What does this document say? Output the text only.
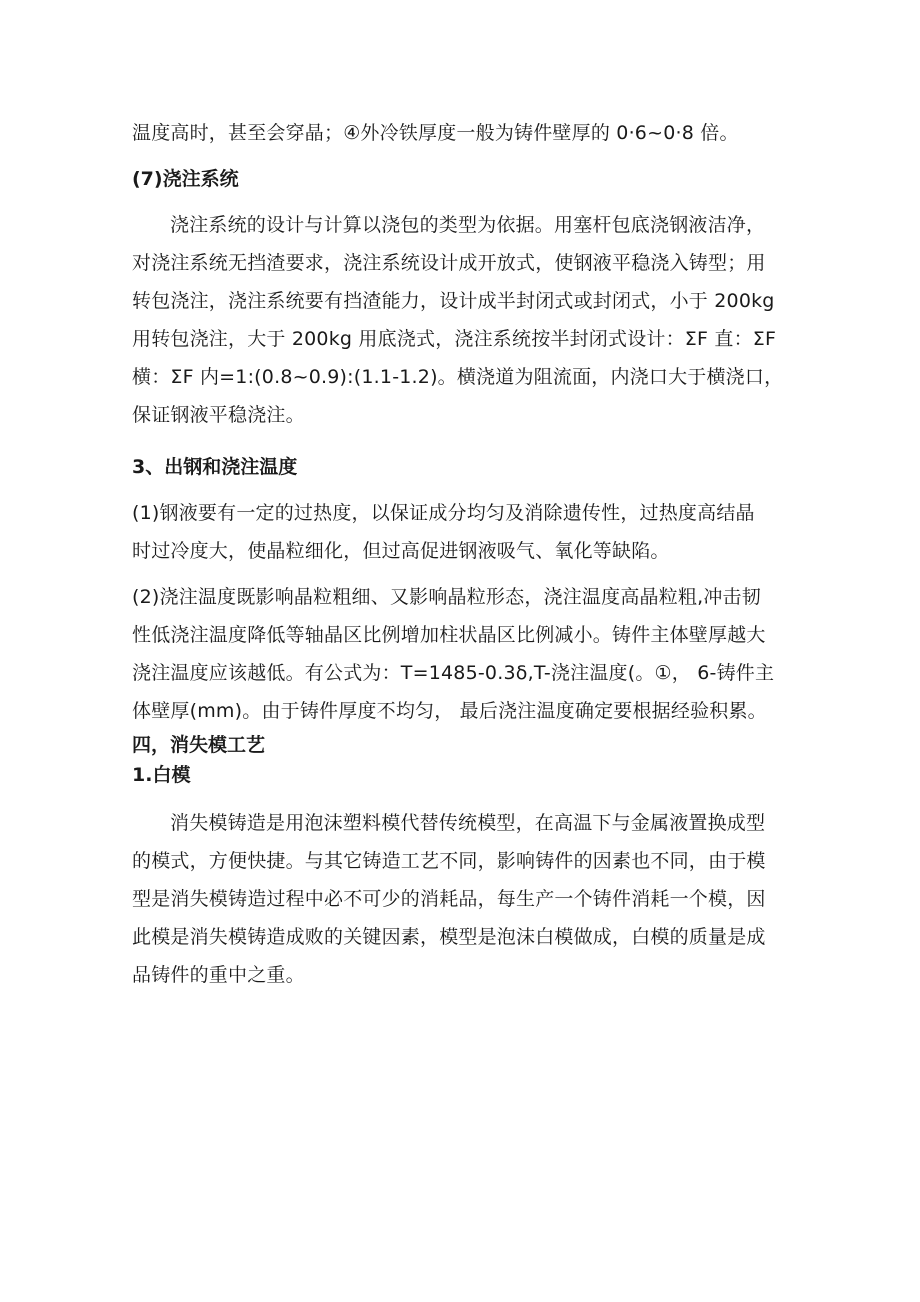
温度高时，甚至会穿晶；④外冷铁厚度一般为铸件壁厚的 0·6~0·8 倍。
(7)浇注系统
浇注系统的设计与计算以浇包的类型为依据。用塞杆包底浇钢液洁净，
对浇注系统无挡渣要求，浇注系统设计成开放式，使钢液平稳浇入铸型；用
转包浇注，浇注系统要有挡渣能力，设计成半封闭式或封闭式，小于 200kg
用转包浇注，大于 200kg 用底浇式，浇注系统按半封闭式设计：ΣF 直：ΣF
横：ΣF 内=1:(0.8~0.9):(1.1-1.2)。横浇道为阻流面，内浇口大于横浇口，
保证钢液平稳浇注。
3、出钢和浇注温度
(1)钢液要有一定的过热度，以保证成分均匀及消除遗传性，过热度高结晶
时过冷度大，使晶粒细化，但过高促进钢液吸气、氧化等缺陷。
(2)浇注温度既影响晶粒粗细、又影响晶粒形态，浇注温度高晶粒粗,冲击韧
性低浇注温度降低等轴晶区比例增加柱状晶区比例减小。铸件主体壁厚越大
浇注温度应该越低。有公式为：T=1485-0.3δ,T-浇注温度(。①， 6-铸件主
体壁厚(mm)。由于铸件厚度不均匀， 最后浇注温度确定要根据经验积累。
四，消失模工艺
1.白模
消失模铸造是用泡沫塑料模代替传统模型，在高温下与金属液置换成型
的模式，方便快捷。与其它铸造工艺不同，影响铸件的因素也不同，由于模
型是消失模铸造过程中必不可少的消耗品，每生产一个铸件消耗一个模，因
此模是消失模铸造成败的关键因素，模型是泡沫白模做成，白模的质量是成
品铸件的重中之重。
